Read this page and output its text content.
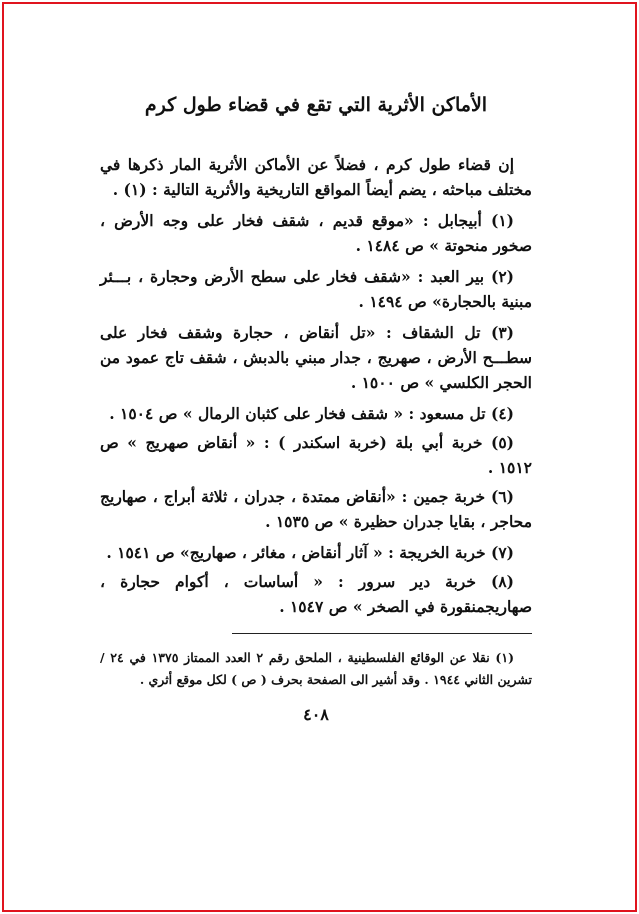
الأماكن الأثرية التي تقع في قضاء طول كرم

إن قضاء طول كرم ، فضلاً عن الأماكن الأثرية المار ذكرها في مختلف مباحثه ، يضم أيضاً المواقع التاريخية والأثرية التالية : (١) .

(١) أبيجابل : «موقع قديم ، شقف فخار على وجه الأرض ، صخور منحوتة » ص ١٤٨٤ .

(٢) بير العبد : «شقف فخار على سطح الأرض وحجارة ، بـــئر مبنية بالحجارة» ص ١٤٩٤ .

(٣) تل الشقاف : «تل أنقاض ، حجارة وشقف فخار على سطـــح الأرض ، صهريج ، جدار مبني بالدبش ، شقف تاج عمود من الحجر الكلسي » ص ١٥٠٠ .

(٤) تل مسعود : « شقف فخار على كثبان الرمال » ص ١٥٠٤ .

(٥) خربة أبي بلة (خربة اسكندر ) : « أنقاض صهريج » ص ١٥١٢ .

(٦) خربة جمين : «أنقاض ممتدة ، جدران ، ثلاثة أبراج ، صهاريج محاجر ، بقايا جدران حظيرة » ص ١٥٣٥ .

(٧) خربة الخريجة : « آثار أنقاض ، مغائر ، صهاريج» ص ١٥٤١ .

(٨) خربة دير سرور : « أساسات ، أكوام حجارة ، صهاريجمنقورة في الصخر » ص ١٥٤٧ .

(١) نقلا عن الوقائع الفلسطينية ، الملحق رقم ٢ العدد الممتاز ١٣٧٥ في ٢٤ / تشرين الثاني ١٩٤٤ . وقد أشير الى الصفحة بحرف ( ص ) لكل موقع أثري .

٤٠٨
